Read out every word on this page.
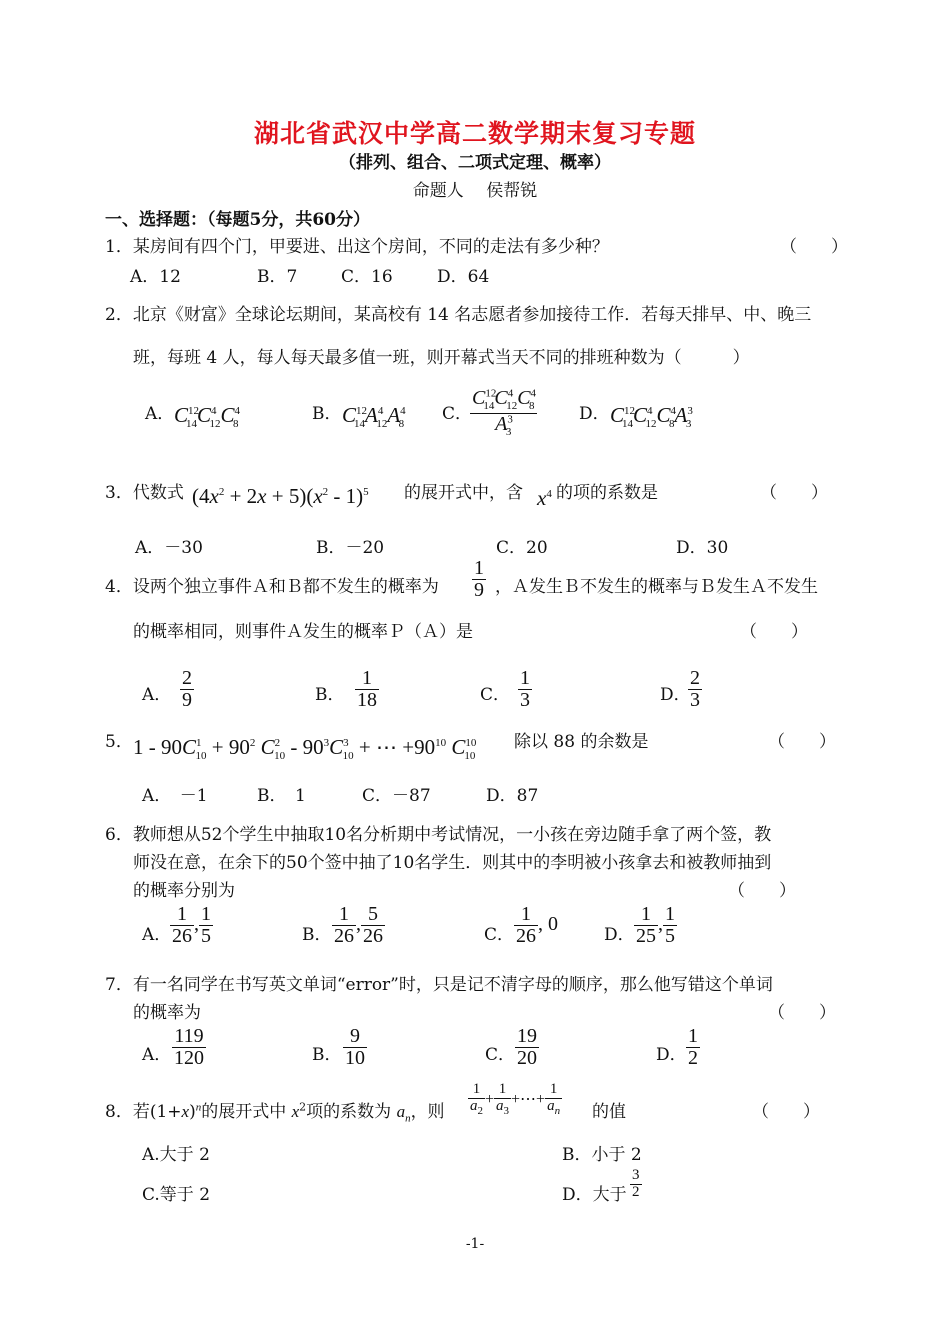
湖北省武汉中学高二数学期末复习专题
（排列、组合、二项式定理、概率）
命题人　 侯帮锐
一、选择题：（每题5分，共60分）
1．某房间有四个门，甲要进、出这个房间，不同的走法有多少种？	（　　）
A．12	B．7	C．16	D．64
2．北京《财富》全球论坛期间，某高校有 14 名志愿者参加接待工作．若每天排早、中、晚三
班，每班 4 人，每人每天最多值一班，则开幕式当天不同的排班种数为（　　　）
A． $C^{12}_{14}C^4_{12}C^4_8$
B． $C^{12}_{14}A^4_{12}A^4_8$
C．
$\frac{C^{12}_{14}C^4_{12}C^4_8}{A^3_3}$ D． $C^{12}_{14}C^4_{12}C^4_8A^3_3$
3．代数式 $(4x^2 + 2x + 5)(x^2 - 1)^5$ 的展开式中，含 $x^4$ 的项的系数是	（　　）
A．－30	B．－20	C．20	D．30
4．设两个独立事件Ａ和Ｂ都不发生的概率为 $\frac{1}{9}$ ，Ａ发生Ｂ不发生的概率与Ｂ发生Ａ不发生
的概率相同，则事件Ａ发生的概率Ｐ（Ａ）是	（　　）
A． $\frac{2}{9}$	B． $\frac{1}{18}$	C． $\frac{1}{3}$	D．
$\frac{2}{3}$
5． $1 - 90C^1_{10} + 90^2$ $C^2_{10} - 90^3C^3_{10}$ + ⋯ $+90^{10}$ $C^{10}_{10}$
除以 88 的余数是	（　　）
A．　－1	B．　1	C．－87	D．87
6．教师想从52个学生中抽取10名分析期中考试情况，一小孩在旁边随手拿了两个签，教
师没在意，在余下的50个签中抽了10名学生．则其中的李明被小孩拿去和被教师抽到
的概率分别为	（　　）
A．
$\frac{1}{26}$ , $\frac{1}{5}$	B． $\frac{1}{26}$ , $\frac{5}{26}$	C． $\frac{1}{26}$ , 0	D． $\frac{1}{25}$ , $\frac{1}{5}$
7．有一名同学在书写英文单词“error”时，只是记不清字母的顺序，那么他写错这个单词
的概率为	（　　）
A． $\frac{119}{120}$	B． $\frac{9}{10}$	C． $\frac{19}{20}$	D． $\frac{1}{2}$
8．若$(1+x)^n$的展开式中 $x^2$项的系数为 $a_n$，则 $\frac{1}{a_2} + \frac{1}{a_3}$ +⋯+ $\frac{1}{a_n}$ 的值	（　　）
A.大于 2	B．小于 2
C.等于 2	D．大于 $\frac{3}{2}$
-1-
